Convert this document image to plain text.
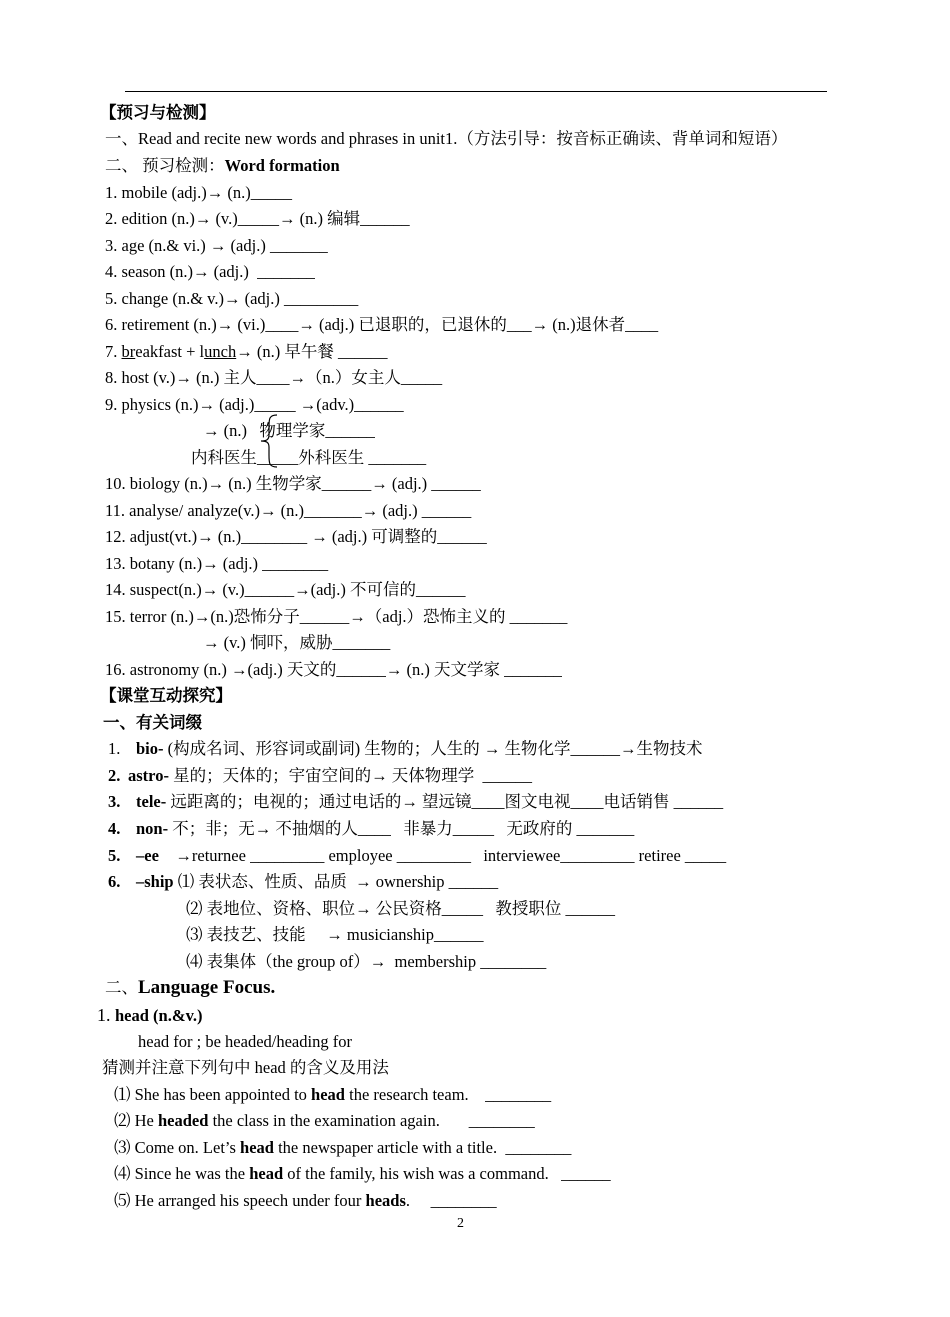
【预习与检测】
一、Read and recite new words and phrases in unit1.（方法引导：按音标正确读、背单词和短语）
二、 预习检测：Word formation
1. mobile (adj.)→ (n.)_____
2. edition (n.)→ (v.)_____→ (n.) 编辑______
3. age (n.& vi.) → (adj.) _______
4. season (n.)→ (adj.)  _______
5. change (n.& v.)→ (adj.) _________
6. retirement (n.)→ (vi.)____→ (adj.) 已退职的，已退休的___→ (n.)退休者____
7. breakfast + lunch→ (n.) 早午餐 ______
8. host (v.)→ (n.) 主人____→（n.）女主人_____
9. physics (n.)→ (adj.)_____ →(adv.)______
→ (n.)   物理学家______
内科医生_____外科医生 _______
10. biology (n.)→ (n.) 生物学家______→ (adj.) ______
11. analyse/ analyze(v.)→ (n.)_______→ (adj.) ______
12. adjust(vt.)→ (n.)________ → (adj.) 可调整的______
13. botany (n.)→ (adj.) ________
14. suspect(n.)→ (v.)______→(adj.) 不可信的______
15. terror (n.)→(n.)恐怖分子______→（adj.）恐怖主义的 _______
→ (v.) 恫吓，威胁_______
16. astronomy (n.) →(adj.) 天文的______→ (n.) 天文学家 _______
【课堂互动探究】
一、有关词缀
1. bio- (构成名词、形容词或副词) 生物的；人生的 → 生物化学______→生物技术
2. astro- 星的；天体的；宇宙空间的→ 天体物理学  ______
3. tele- 远距离的；电视的；通过电话的→ 望远镜____图文电视____电话销售 ______
4. non- 不；非；无→ 不抽烟的人____   非暴力_____   无政府的 _______
5. –ee    →returnee _________ employee _________   interviewee_________ retiree _____
6. –ship ⑴ 表状态、性质、品质  → ownership ______
⑵ 表地位、资格、职位→ 公民资格_____   教授职位 ______
⑶ 表技艺、技能     → musicianship______
⑷ 表集体（the group of）→  membership ________
二、Language Focus.
1. head (n.&v.)
head for ; be headed/heading for
猜测并注意下列句中 head 的含义及用法
⑴ She has been appointed to head the research team.    ________
⑵ He headed the class in the examination again.       ________
⑶ Come on. Let’s head the newspaper article with a title.  ________
⑷ Since he was the head of the family, his wish was a command.   ______
⑸ He arranged his speech under four heads.     ________
2
